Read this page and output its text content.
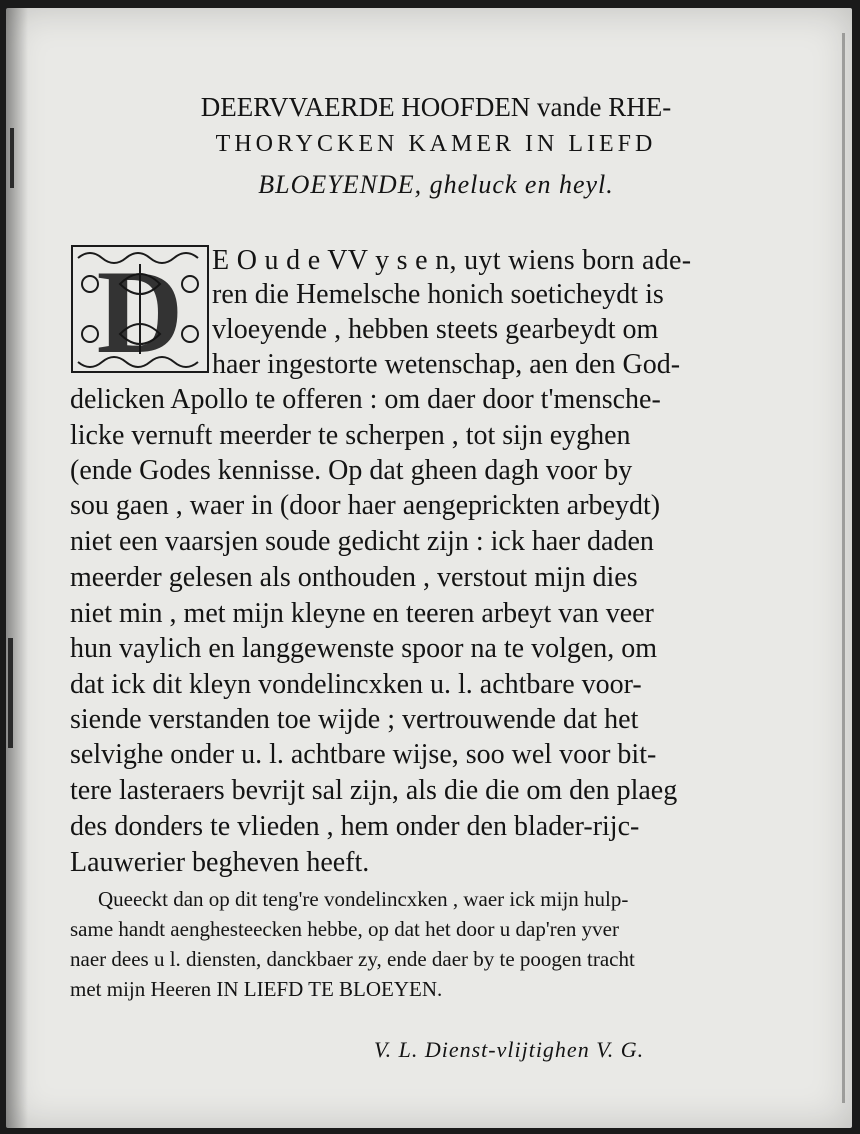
DEERVVAERDE HOOFDEN vande RHE-
THORYCKEN KAMER IN LIEFD
BLOEYENDE, gheluck en heyl.
D E O u d e VV y s e n, uyt wiens born ade-

ren die Hemelsche honich soeticheydt is

vloeyende , hebben steets gearbeydt om

haer ingestorte wetenschap, aen den God-

delicken Apollo te offeren : om daer door t'mensche-

licke vernuft meerder te scherpen , tot sijn eyghen

(ende Godes kennisse. Op dat gheen dagh voor by

sou gaen , waer in (door haer aengeprickten arbeydt)

niet een vaarsjen soude gedicht zijn : ick haer daden

meerder gelesen als onthouden , verstout mijn dies

niet min , met mijn kleyne en teeren arbeyt van veer

hun vaylich en langgewenste spoor na te volgen, om

dat ick dit kleyn vondelincxken u. l. achtbare voor-

siende verstanden toe wijde ; vertrouwende dat het

selvighe onder u. l. achtbare wijse, soo wel voor bit-

tere lasteraers bevrijt sal zijn, als die die om den plaeg

des donders te vlieden , hem onder den blader-rijc-

Lauwerier begheven heeft.

Queeckt dan op dit teng're vondelincxken , waer ick mijn hulp-

same handt aenghesteecken hebbe, op dat het door u dap'ren yver

naer dees u l. diensten, danckbaer zy, ende daer by te poogen tracht

met mijn Heeren IN LIEFD TE BLOEYEN.

V. L. Dienst-vlijtighen V. G.
